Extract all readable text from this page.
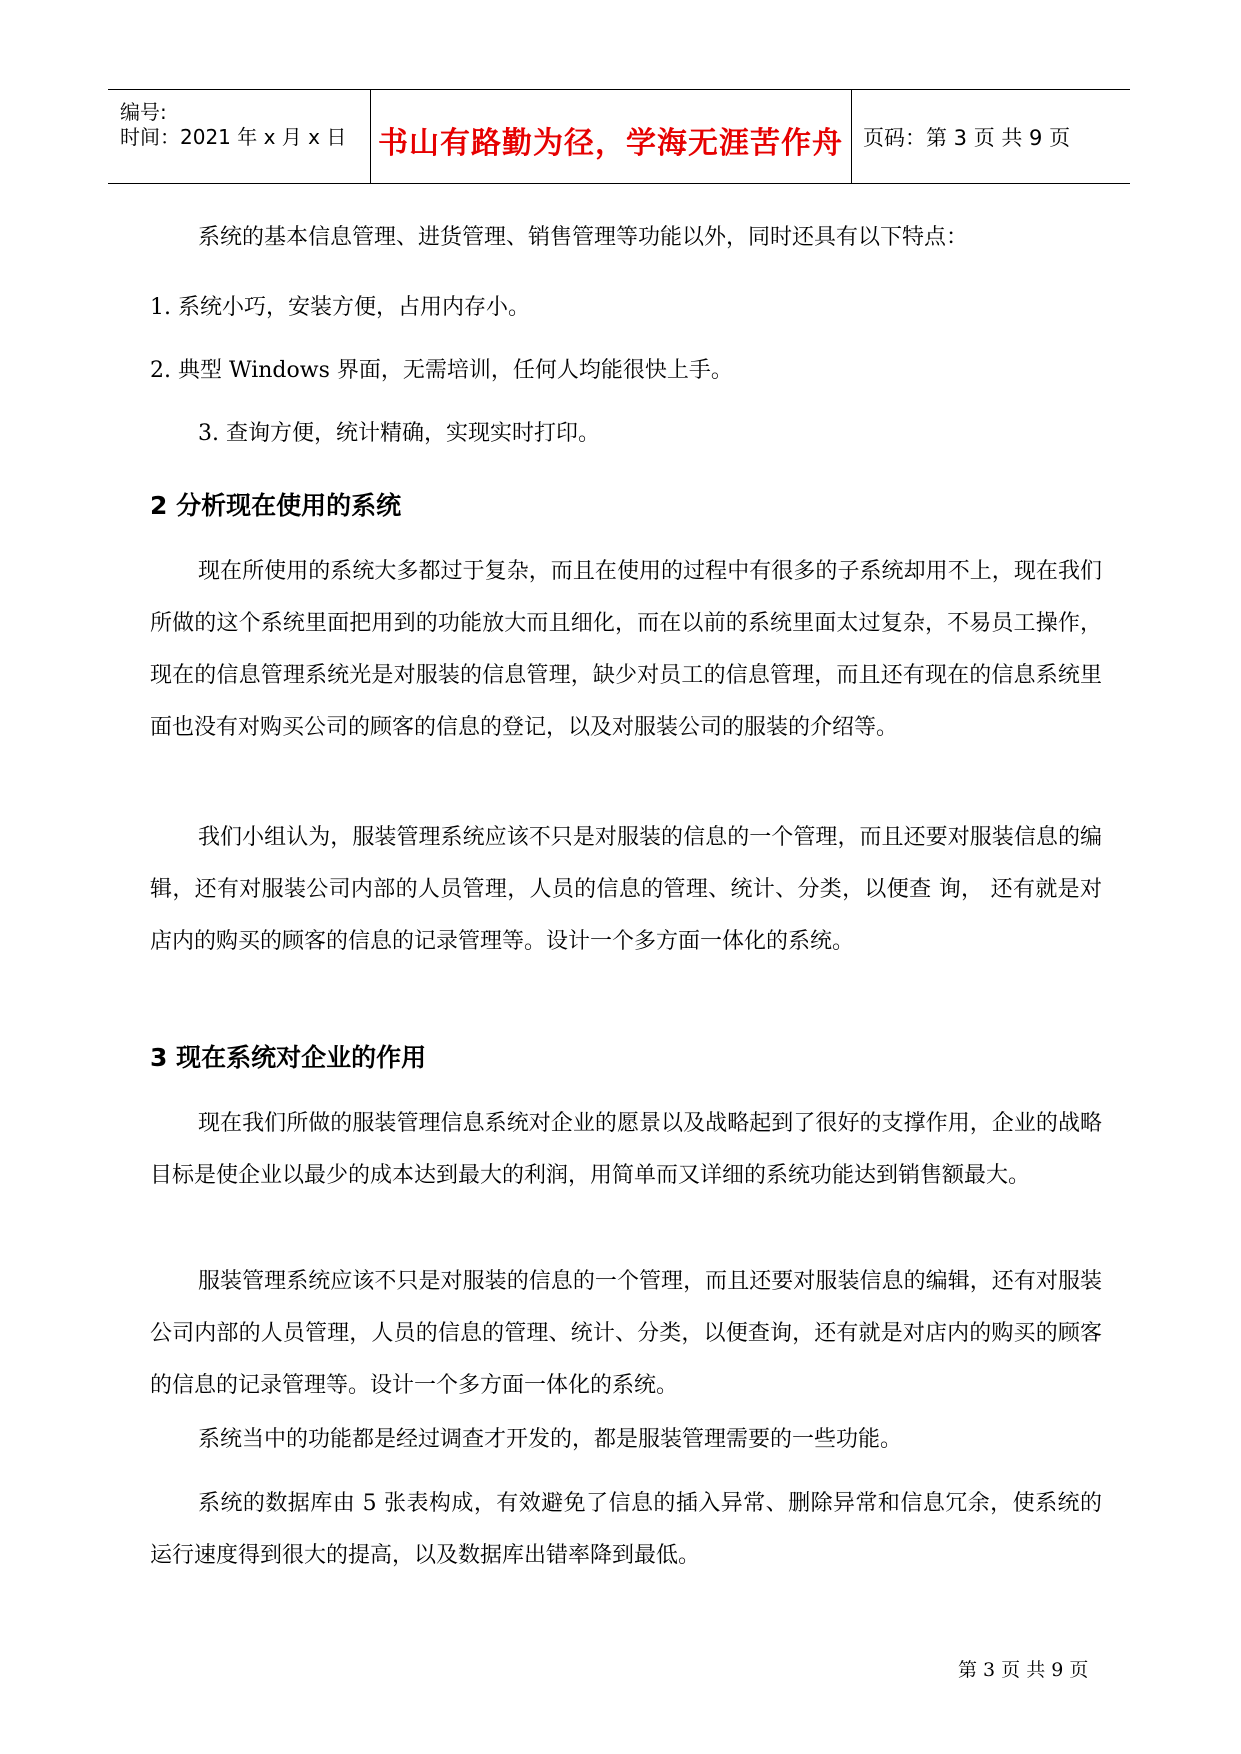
编号:
时间：2021 年 x 月 x 日 书山有路勤为径，学海无涯苦作舟 页码：第 3 页 共 9 页
系统的基本信息管理、进货管理、销售管理等功能以外，同时还具有以下特点：
1. 系统小巧，安装方便，占用内存小。
2. 典型 Windows 界面，无需培训，任何人均能很快上手。
3. 查询方便，统计精确，实现实时打印。
2 分析现在使用的系统
现在所使用的系统大多都过于复杂，而且在使用的过程中有很多的子系统却用不上，现在我们所做的这个系统里面把用到的功能放大而且细化，而在以前的系统里面太过复杂，不易员工操作，现在的信息管理系统光是对服装的信息管理，缺少对员工的信息管理，而且还有现在的信息系统里面也没有对购买公司的顾客的信息的登记，以及对服装公司的服装的介绍等。
我们小组认为，服装管理系统应该不只是对服装的信息的一个管理，而且还要对服装信息的编辑，还有对服装公司内部的人员管理，人员的信息的管理、统计、分类，以便查 询， 还有就是对店内的购买的顾客的信息的记录管理等。设计一个多方面一体化的系统。
3 现在系统对企业的作用
现在我们所做的服装管理信息系统对企业的愿景以及战略起到了很好的支撑作用，企业的战略目标是使企业以最少的成本达到最大的利润，用简单而又详细的系统功能达到销售额最大。
服装管理系统应该不只是对服装的信息的一个管理，而且还要对服装信息的编辑，还有对服装公司内部的人员管理，人员的信息的管理、统计、分类，以便查询，还有就是对店内的购买的顾客的信息的记录管理等。设计一个多方面一体化的系统。
系统当中的功能都是经过调查才开发的，都是服装管理需要的一些功能。
系统的数据库由 5 张表构成，有效避免了信息的插入异常、删除异常和信息冗余，使系统的运行速度得到很大的提高，以及数据库出错率降到最低。
第 3 页 共 9 页
